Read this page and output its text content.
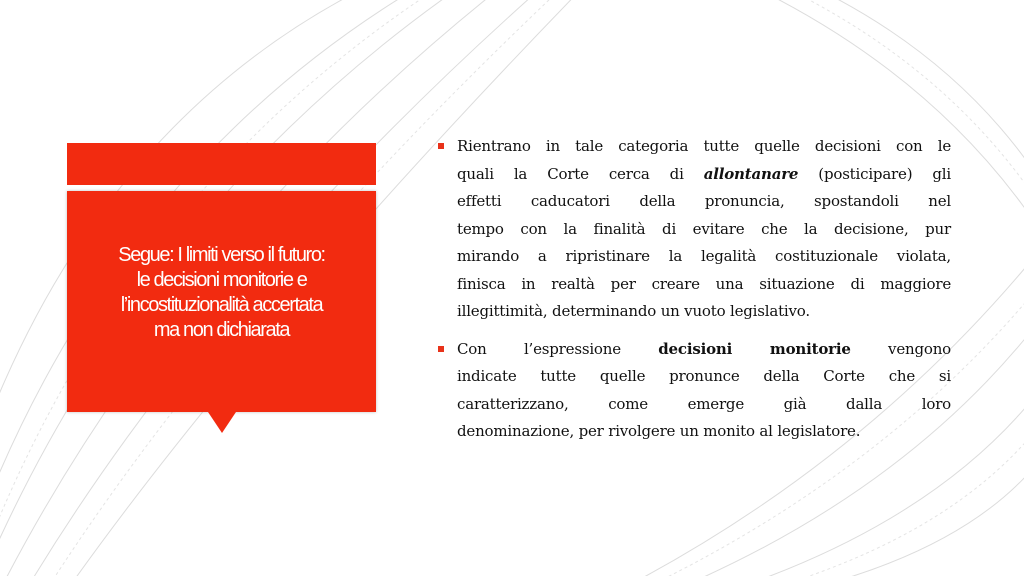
Segue: I limiti verso il futuro:
le decisioni monitorie e
l’incostituzionalità accertata
ma non dichiarata
Rientrano in tale categoria tutte quelle decisioni con le
quali la Corte cerca di allontanare (posticipare) gli
effetti caducatori della pronuncia, spostandoli nel
tempo con la finalità di evitare che la decisione, pur
mirando a ripristinare la legalità costituzionale violata,
finisca in realtà per creare una situazione di maggiore
illegittimità, determinando un vuoto legislativo.
Con l’espressione decisioni monitorie vengono
indicate tutte quelle pronunce della Corte che si
caratterizzano, come emerge già dalla loro
denominazione, per rivolgere un monito al legislatore.
